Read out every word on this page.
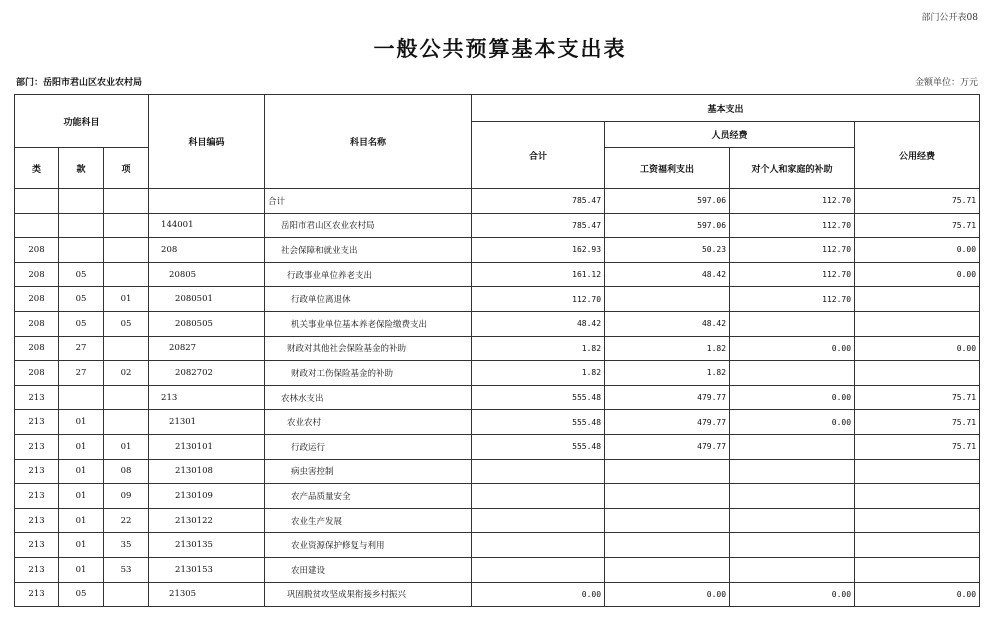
部门公开表08
一般公共预算基本支出表
部门：岳阳市君山区农业农村局	金额单位：万元
功能科目			科目编码	科目名称	基本支出			
					合计	人员经费		公用经费
类	款	项				工资福利支出	对个人和家庭的补助	
				合计	785.47	597.06	112.70	75.71
			144001	岳阳市君山区农业农村局	785.47	597.06	112.70	75.71
208			208	社会保障和就业支出	162.93	50.23	112.70	0.00
208	05		20805	行政事业单位养老支出	161.12	48.42	112.70	0.00
208	05	01	2080501	行政单位离退休	112.70		112.70	
208	05	05	2080505	机关事业单位基本养老保险缴费支出	48.42	48.42		
208	27		20827	财政对其他社会保险基金的补助	1.82	1.82	0.00	0.00
208	27	02	2082702	财政对工伤保险基金的补助	1.82	1.82		
213			213	农林水支出	555.48	479.77	0.00	75.71
213	01		21301	农业农村	555.48	479.77	0.00	75.71
213	01	01	2130101	行政运行	555.48	479.77		75.71
213	01	08	2130108	病虫害控制				
213	01	09	2130109	农产品质量安全				
213	01	22	2130122	农业生产发展				
213	01	35	2130135	农业资源保护修复与利用				
213	01	53	2130153	农田建设				
213	05		21305	巩固脱贫攻坚成果衔接乡村振兴	0.00	0.00	0.00	0.00
